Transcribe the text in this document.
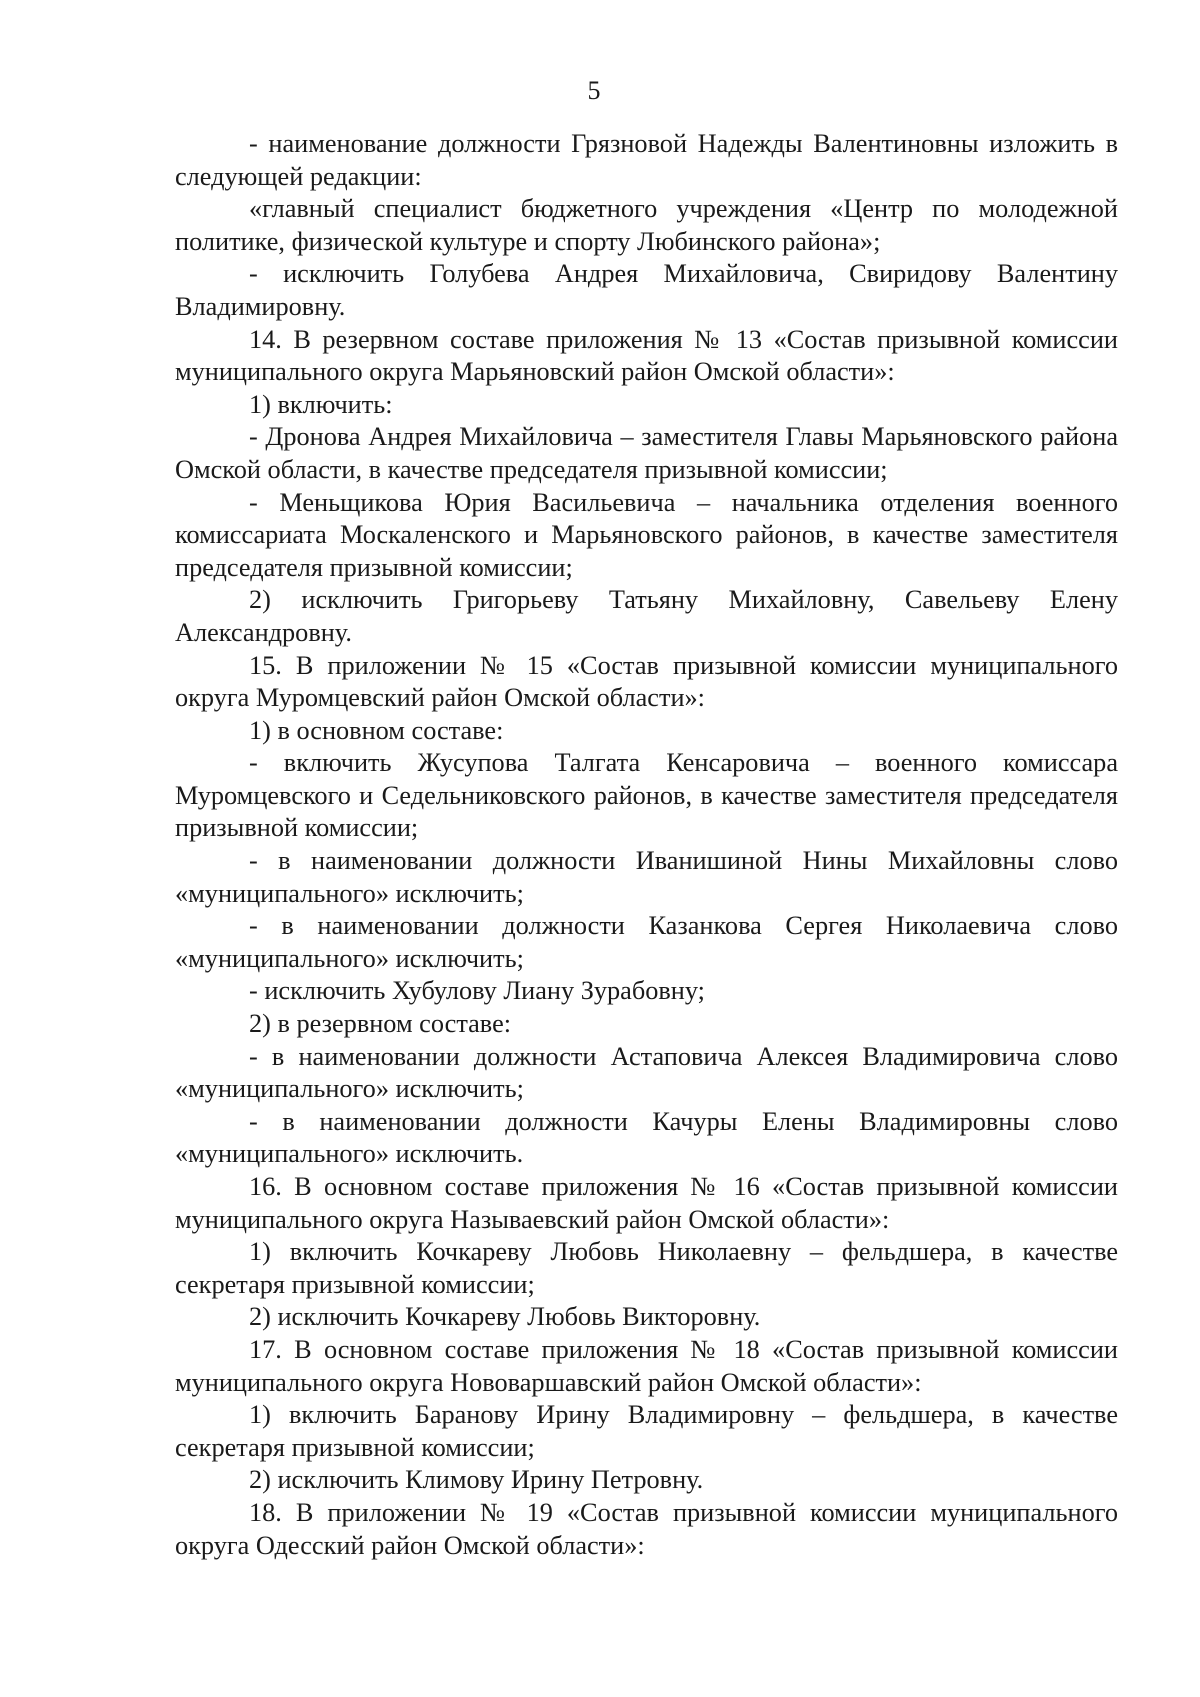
5

- наименование должности Грязновой Надежды Валентиновны изложить в следующей редакции:

«главный специалист бюджетного учреждения «Центр по молодежной политике, физической культуре и спорту Любинского района»;

- исключить Голубева Андрея Михайловича, Свиридову Валентину Владимировну.

14. В резервном составе приложения № 13 «Состав призывной комиссии муниципального округа Марьяновский район Омской области»:

1) включить:

- Дронова Андрея Михайловича – заместителя Главы Марьяновского района Омской области, в качестве председателя призывной комиссии;

- Меньщикова Юрия Васильевича – начальника отделения военного комиссариата Москаленского и Марьяновского районов, в качестве заместителя председателя призывной комиссии;

2) исключить Григорьеву Татьяну Михайловну, Савельеву Елену Александровну.

15. В приложении № 15 «Состав призывной комиссии муниципального округа Муромцевский район Омской области»:

1) в основном составе:

- включить Жусупова Талгата Кенсаровича – военного комиссара Муромцевского и Седельниковского районов, в качестве заместителя председателя призывной комиссии;

- в наименовании должности Иванишиной Нины Михайловны слово «муниципального» исключить;

- в наименовании должности Казанкова Сергея Николаевича слово «муниципального» исключить;

- исключить Хубулову Лиану Зурабовну;

2) в резервном составе:

- в наименовании должности Астаповича Алексея Владимировича слово «муниципального» исключить;

- в наименовании должности Качуры Елены Владимировны слово «муниципального» исключить.

16. В основном составе приложения № 16 «Состав призывной комиссии муниципального округа Называевский район Омской области»:

1) включить Кочкареву Любовь Николаевну – фельдшера, в качестве секретаря призывной комиссии;

2) исключить Кочкареву Любовь Викторовну.

17. В основном составе приложения № 18 «Состав призывной комиссии муниципального округа Нововаршавский район Омской области»:

1) включить Баранову Ирину Владимировну – фельдшера, в качестве секретаря призывной комиссии;

2) исключить Климову Ирину Петровну.

18. В приложении № 19 «Состав призывной комиссии муниципального округа Одесский район Омской области»:
